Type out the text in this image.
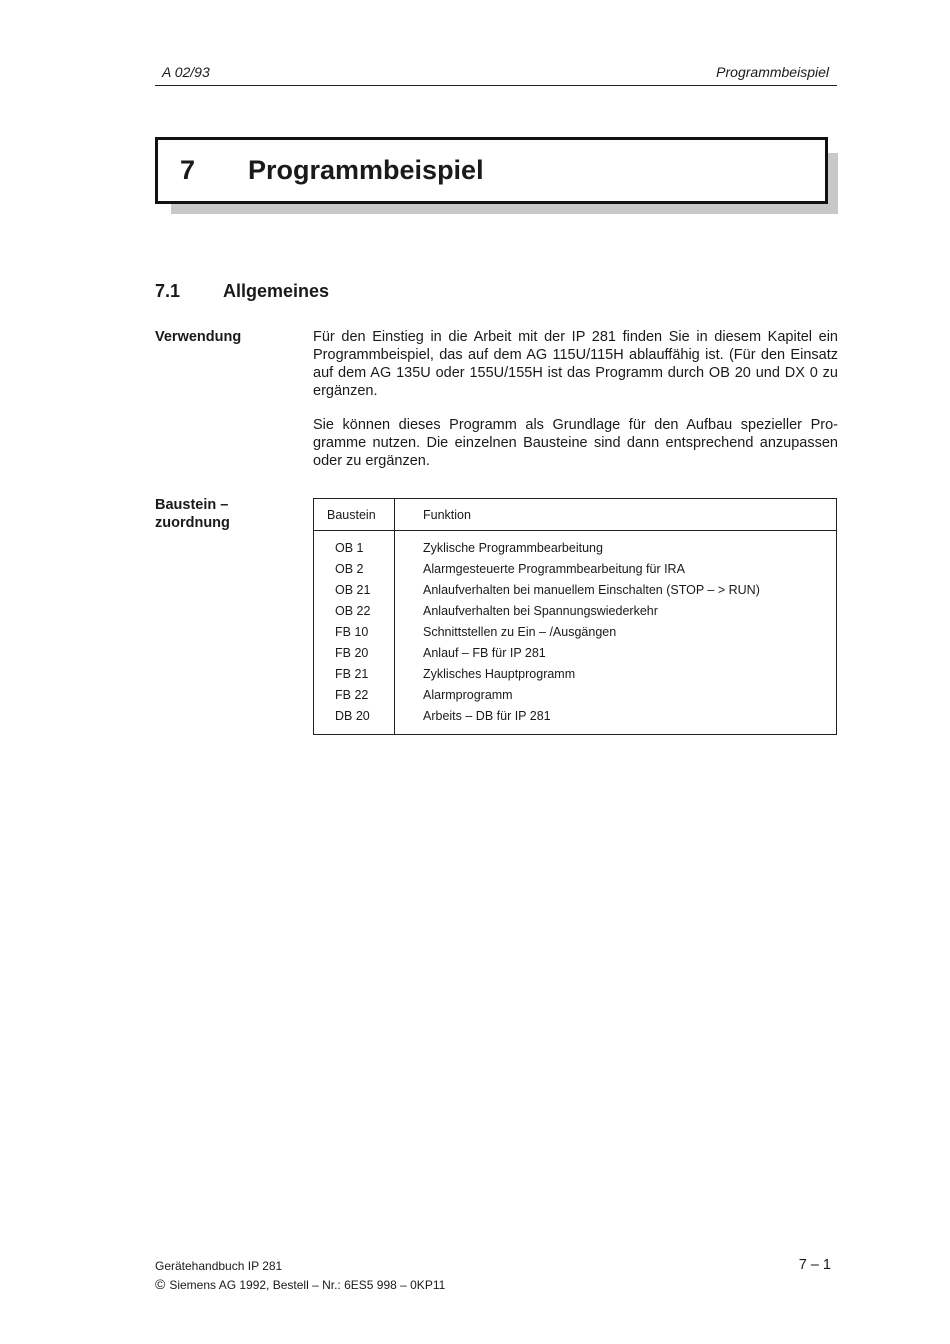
A 02/93	Programmbeispiel
7 Programmbeispiel
7.1 Allgemeines
Verwendung	Für den Einstieg in die Arbeit mit der IP 281 finden Sie in diesem Kapitel ein Programmbeispiel, das auf dem AG 115U/115H ablauffähig ist. (Für den Einsatz auf dem AG 135U oder 155U/155H ist das Programm durch OB 20 und DX 0 zu ergänzen.
Sie können dieses Programm als Grundlage für den Aufbau spezieller Programme nutzen. Die einzelnen Bausteine sind dann entsprechend anzupassen oder zu ergänzen.
Baustein –
zuordnung	Baustein	Funktion
OB 1	Zyklische Programmbearbeitung
OB 2	Alarmgesteuerte Programmbearbeitung für IRA
OB 21	Anlaufverhalten bei manuellem Einschalten (STOP – > RUN)
OB 22	Anlaufverhalten bei Spannungswiederkehr
FB 10	Schnittstellen zu Ein – /Ausgängen
FB 20	Anlauf – FB für IP 281
FB 21	Zyklisches Hauptprogramm
FB 22	Alarmprogramm
DB 20	Arbeits – DB für IP 281
Gerätehandbuch IP 281
© Siemens AG 1992, Bestell – Nr.: 6ES5 998 – 0KP11
7 – 1
